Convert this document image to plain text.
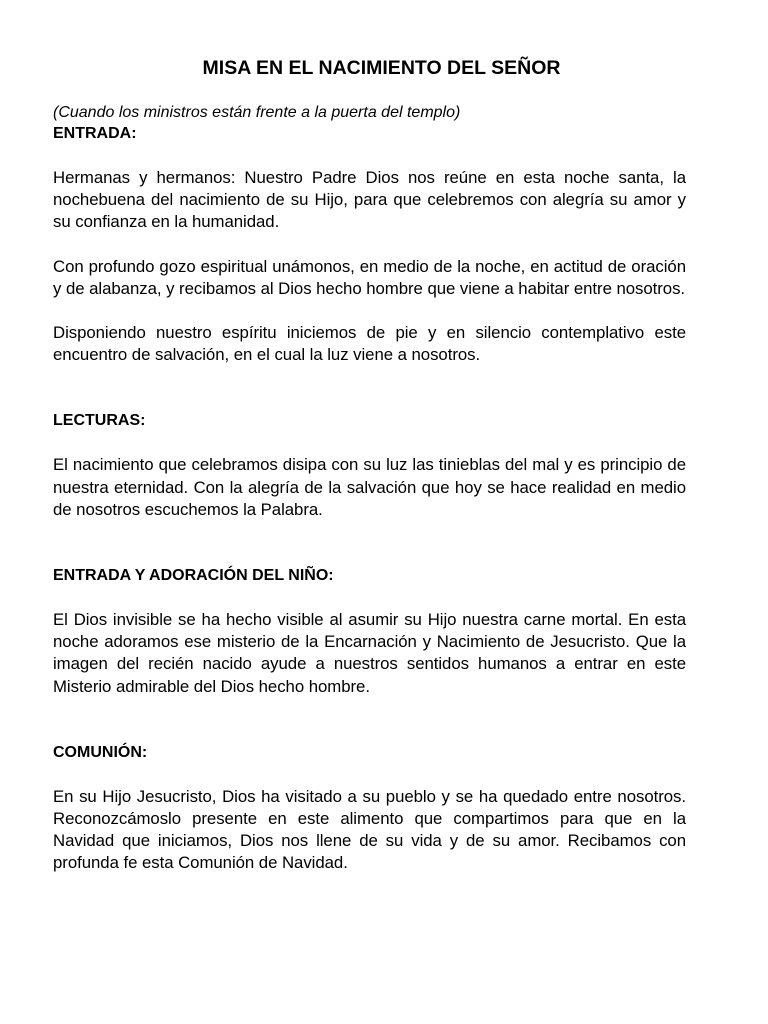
MISA EN EL NACIMIENTO DEL SEÑOR

(Cuando los ministros están frente a la puerta del templo)

ENTRADA:

Hermanas y hermanos: Nuestro Padre Dios nos reúne en esta noche santa, la nochebuena del nacimiento de su Hijo, para que celebremos con alegría su amor y su confianza en la humanidad.

Con profundo gozo espiritual unámonos, en medio de la noche, en actitud de oración y de alabanza, y recibamos al Dios hecho hombre que viene a habitar entre nosotros.

Disponiendo nuestro espíritu iniciemos de pie y en silencio contemplativo este encuentro de salvación, en el cual la luz viene a nosotros.

LECTURAS:

El nacimiento que celebramos disipa con su luz las tinieblas del mal y es principio de nuestra eternidad. Con la alegría de la salvación que hoy se hace realidad en medio de nosotros escuchemos la Palabra.

ENTRADA Y ADORACIÓN DEL NIÑO:

El Dios invisible se ha hecho visible al asumir su Hijo nuestra carne mortal. En esta noche adoramos ese misterio de la Encarnación y Nacimiento de Jesucristo. Que la imagen del recién nacido ayude a nuestros sentidos humanos a entrar en este Misterio admirable del Dios hecho hombre.

COMUNIÓN:

En su Hijo Jesucristo, Dios ha visitado a su pueblo y se ha quedado entre nosotros. Reconozcámoslo presente en este alimento que compartimos para que en la Navidad que iniciamos, Dios nos llene de su vida y de su amor. Recibamos con profunda fe esta Comunión de Navidad.
